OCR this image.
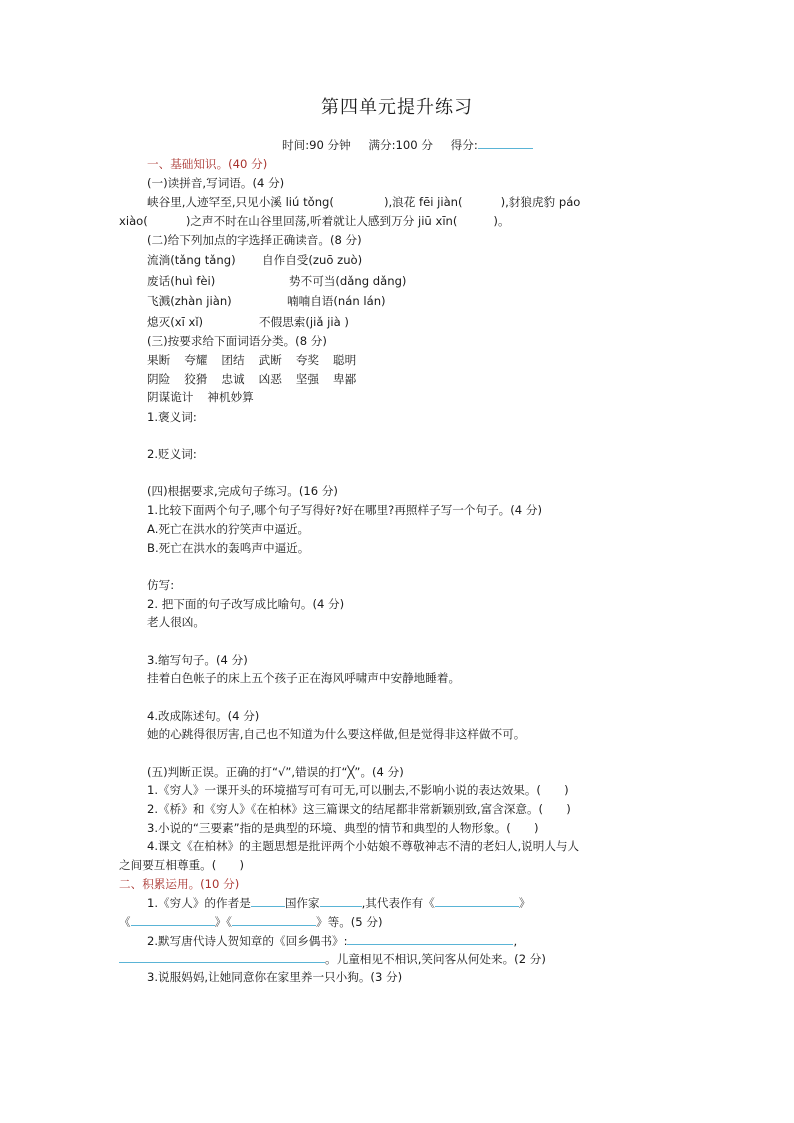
第四单元提升练习
时间:90 分钟 满分:100 分 得分:
一、基础知识。(40 分)
(一)读拼音,写词语。(4 分)
峡谷里,人迹罕至,只见小溪 liú tǒng(	),浪花 fēi jiàn(	),豺狼虎豹 páo
xiào(	)之声不时在山谷里回荡,听着就让人感到万分 jiū xīn(	)。
(二)给下列加点的字选择正确读音。(8 分)
流淌(tǎng tǎng) 自作自受(zuō zuò)
废话(huì fèi)	势不可当(dǎng dǎng)
飞溅(zhàn jiàn)	喃喃自语(nán lán)
熄灭(xī xǐ)	不假思索(jiǎ jià )
(三)按要求给下面词语分类。(8 分)
果断 夸耀 团结 武断 夸奖 聪明
阴险 狡猾 忠诚 凶恶 坚强 卑鄙
阴谋诡计 神机妙算
1.褒义词:
2.贬义词:
(四)根据要求,完成句子练习。(16 分)
1.比较下面两个句子,哪个句子写得好?好在哪里?再照样子写一个句子。(4 分)
A.死亡在洪水的狞笑声中逼近。
B.死亡在洪水的轰鸣声中逼近。
仿写:
2. 把下面的句子改写成比喻句。(4 分)
老人很凶。
3.缩写句子。(4 分)
挂着白色帐子的床上五个孩子正在海风呼啸声中安静地睡着。
4.改成陈述句。(4 分)
她的心跳得很厉害,自己也不知道为什么要这样做,但是觉得非这样做不可。
(五)判断正误。正确的打“√”,错误的打“╳”。(4 分)
1.《穷人》一课开头的环境描写可有可无,可以删去,不影响小说的表达效果。(　　)
2.《桥》和《穷人》《在柏林》这三篇课文的结尾都非常新颖别致,富含深意。(　　)
3.小说的“三要素”指的是典型的环境、典型的情节和典型的人物形象。(　　)
4.课文《在柏林》的主题思想是批评两个小姑娘不尊敬神志不清的老妇人,说明人与人
之间要互相尊重。(　　)
二、积累运用。(10 分)
1.《穷人》的作者是	国作家	,其代表作有《	》
《	》《	》等。(5 分)
2.默写唐代诗人贺知章的《回乡偶书》:	,
。儿童相见不相识,笑问客从何处来。(2 分)
3.说服妈妈,让她同意你在家里养一只小狗。(3 分)
